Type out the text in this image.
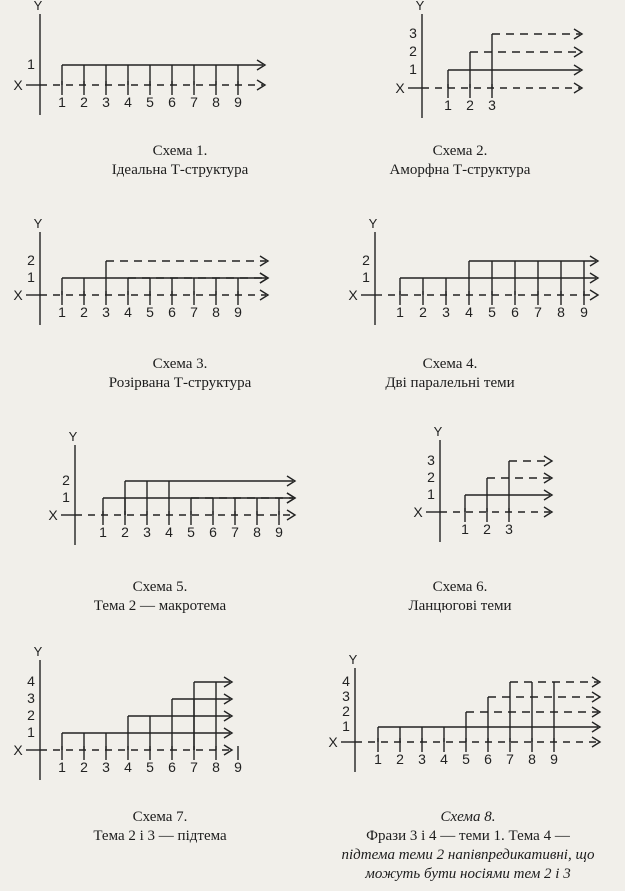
Y
X
1
1 2 3 4 5 6 7 8 9
Y
X
1
2
3
1 2 3
Y
X
1
2
1 2 3 4 5 6 7 8 9
Y
X
1
2
1 2 3 4 5 6 7 8 9
Y
X
1
2
1 2 3 4 5 6 7 8 9
Y
X
1
2
3
1 2 3
Y
X
1
2
3
4
1 2 3 4 5 6 7 8 9
Y
X
1
2
3
4
1 2 3 4 5 6 7 8 9
Схема 1.
Ідеальна Т-структура
Схема 2.
Аморфна Т-структура
Схема 3.
Розірвана Т-структура
Схема 4.
Дві паралельні теми
Схема 5.
Тема 2 — макротема
Схема 6.
Ланцюгові теми
Схема 7.
Тема 2 і 3 — підтема
Схема 8.
Фрази 3 і 4 — теми 1. Тема 4 —
підтема теми 2 напівпредикативні, що
можуть бути носіями тем 2 і 3
